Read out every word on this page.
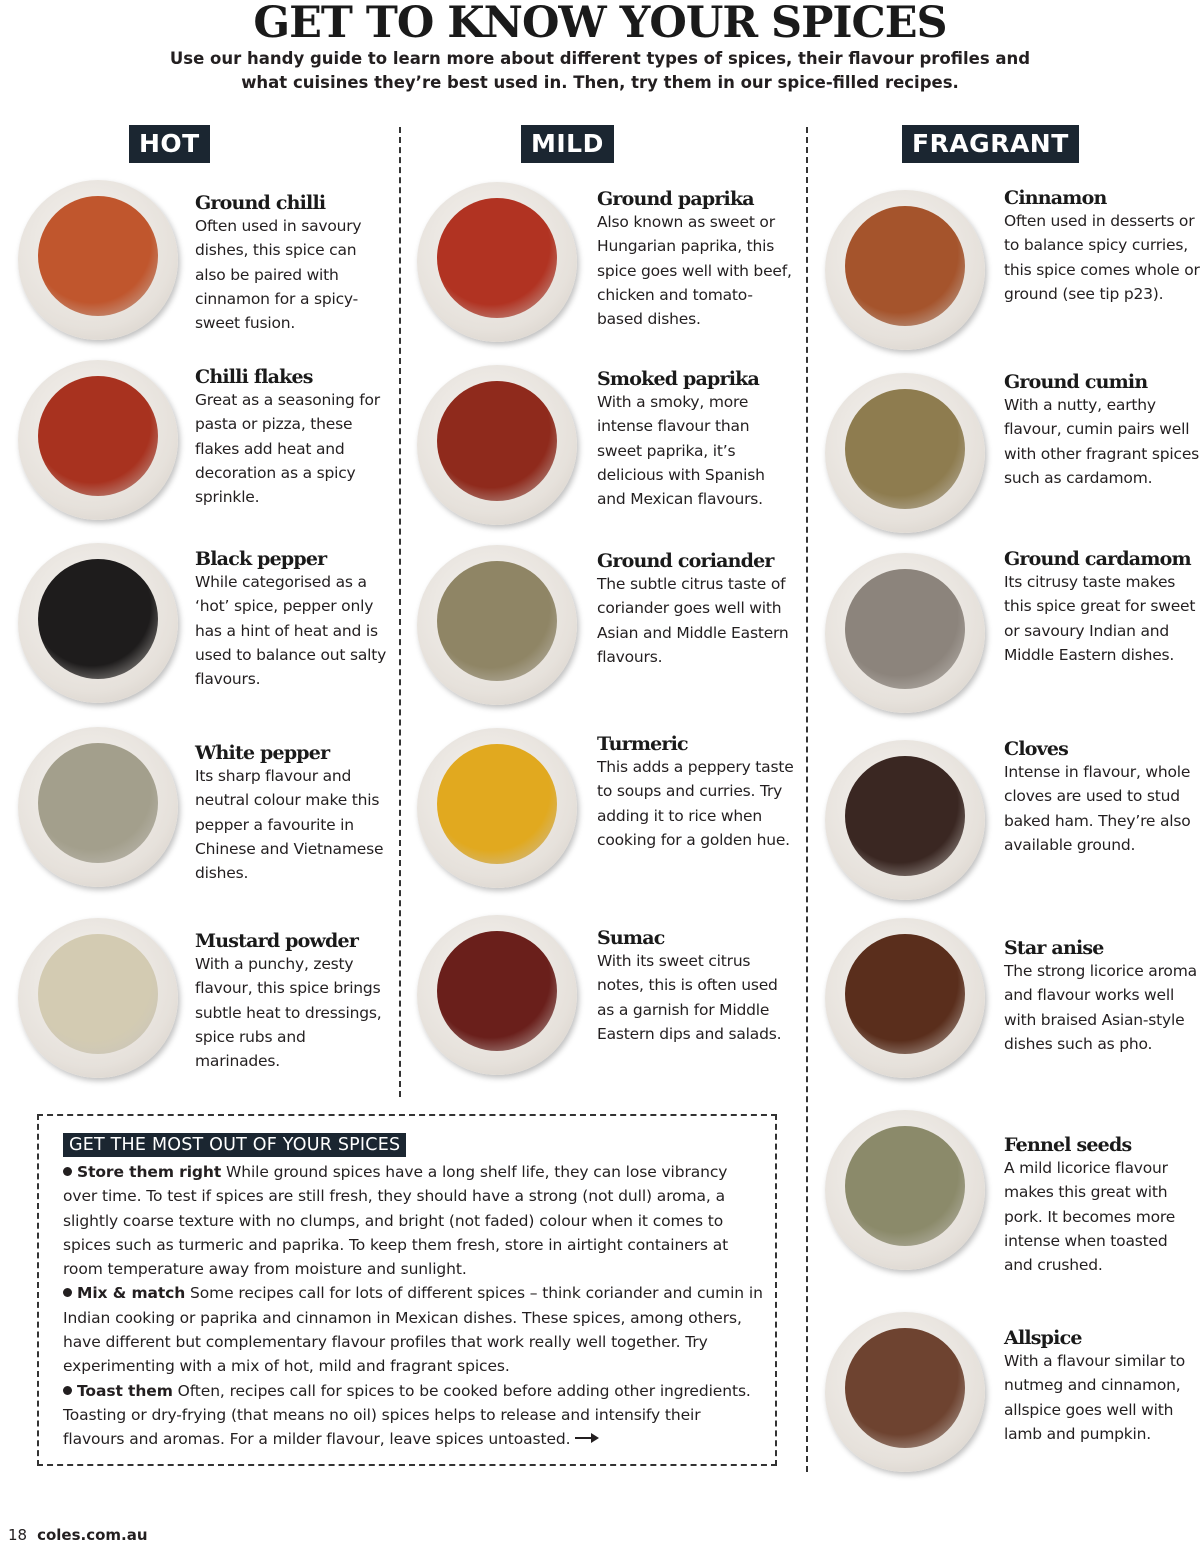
GET TO KNOW YOUR SPICES
Use our handy guide to learn more about different types of spices, their flavour profiles and
what cuisines they’re best used in. Then, try them in our spice-filled recipes.
HOT	MILD	FRAGRANT
Ground chilli
Often used in savoury dishes, this spice can also be paired with cinnamon for a spicy-sweet fusion.
Chilli flakes
Great as a seasoning for pasta or pizza, these flakes add heat and decoration as a spicy sprinkle.
Black pepper
While categorised as a ‘hot’ spice, pepper only has a hint of heat and is used to balance out salty flavours.
White pepper
Its sharp flavour and neutral colour make this pepper a favourite in Chinese and Vietnamese dishes.
Mustard powder
With a punchy, zesty flavour, this spice brings subtle heat to dressings, spice rubs and marinades.
Ground paprika
Also known as sweet or Hungarian paprika, this spice goes well with beef, chicken and tomato-based dishes.
Smoked paprika
With a smoky, more intense flavour than sweet paprika, it’s delicious with Spanish and Mexican flavours.
Ground coriander
The subtle citrus taste of coriander goes well with Asian and Middle Eastern flavours.
Turmeric
This adds a peppery taste to soups and curries. Try adding it to rice when cooking for a golden hue.
Sumac
With its sweet citrus notes, this is often used as a garnish for Middle Eastern dips and salads.
Cinnamon
Often used in desserts or to balance spicy curries, this spice comes whole or ground (see tip p23).
Ground cumin
With a nutty, earthy flavour, cumin pairs well with other fragrant spices such as cardamom.
Ground cardamom
Its citrusy taste makes this spice great for sweet or savoury Indian and Middle Eastern dishes.
Cloves
Intense in flavour, whole cloves are used to stud baked ham. They’re also available ground.
Star anise
The strong licorice aroma and flavour works well with braised Asian-style dishes such as pho.
Fennel seeds
A mild licorice flavour makes this great with pork. It becomes more intense when toasted and crushed.
Allspice
With a flavour similar to nutmeg and cinnamon, allspice goes well with lamb and pumpkin.
GET THE MOST OUT OF YOUR SPICES
Store them right While ground spices have a long shelf life, they can lose vibrancy over time. To test if spices are still fresh, they should have a strong (not dull) aroma, a slightly coarse texture with no clumps, and bright (not faded) colour when it comes to spices such as turmeric and paprika. To keep them fresh, store in airtight containers at room temperature away from moisture and sunlight.
Mix & match Some recipes call for lots of different spices – think coriander and cumin in Indian cooking or paprika and cinnamon in Mexican dishes. These spices, among others, have different but complementary flavour profiles that work really well together. Try experimenting with a mix of hot, mild and fragrant spices.
Toast them Often, recipes call for spices to be cooked before adding other ingredients. Toasting or dry-frying (that means no oil) spices helps to release and intensify their flavours and aromas. For a milder flavour, leave spices untoasted.
18 coles.com.au
